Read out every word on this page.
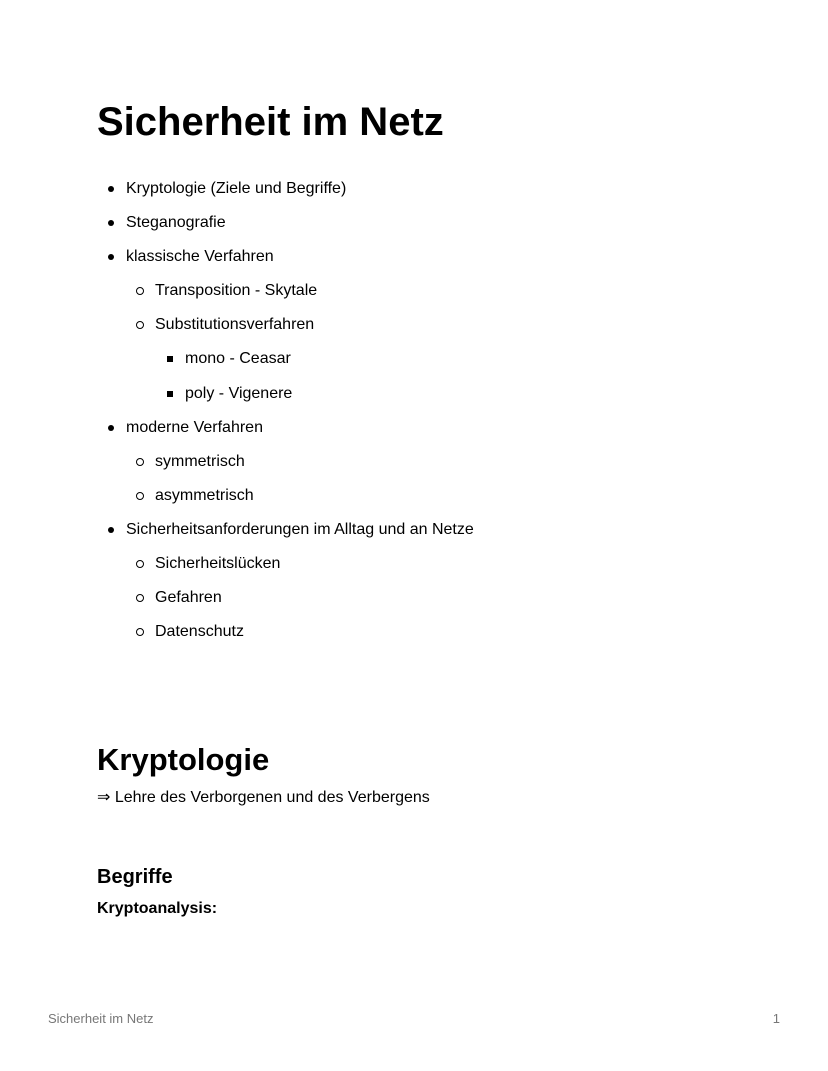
Sicherheit im Netz
Kryptologie (Ziele und Begriffe)
Steganografie
klassische Verfahren
Transposition - Skytale
Substitutionsverfahren
mono - Ceasar
poly - Vigenere
moderne Verfahren
symmetrisch
asymmetrisch
Sicherheitsanforderungen im Alltag und an Netze
Sicherheitslücken
Gefahren
Datenschutz
Kryptologie
⇒ Lehre des Verborgenen und des Verbergens
Begriffe
Kryptoanalysis:
Sicherheit im Netz	1
